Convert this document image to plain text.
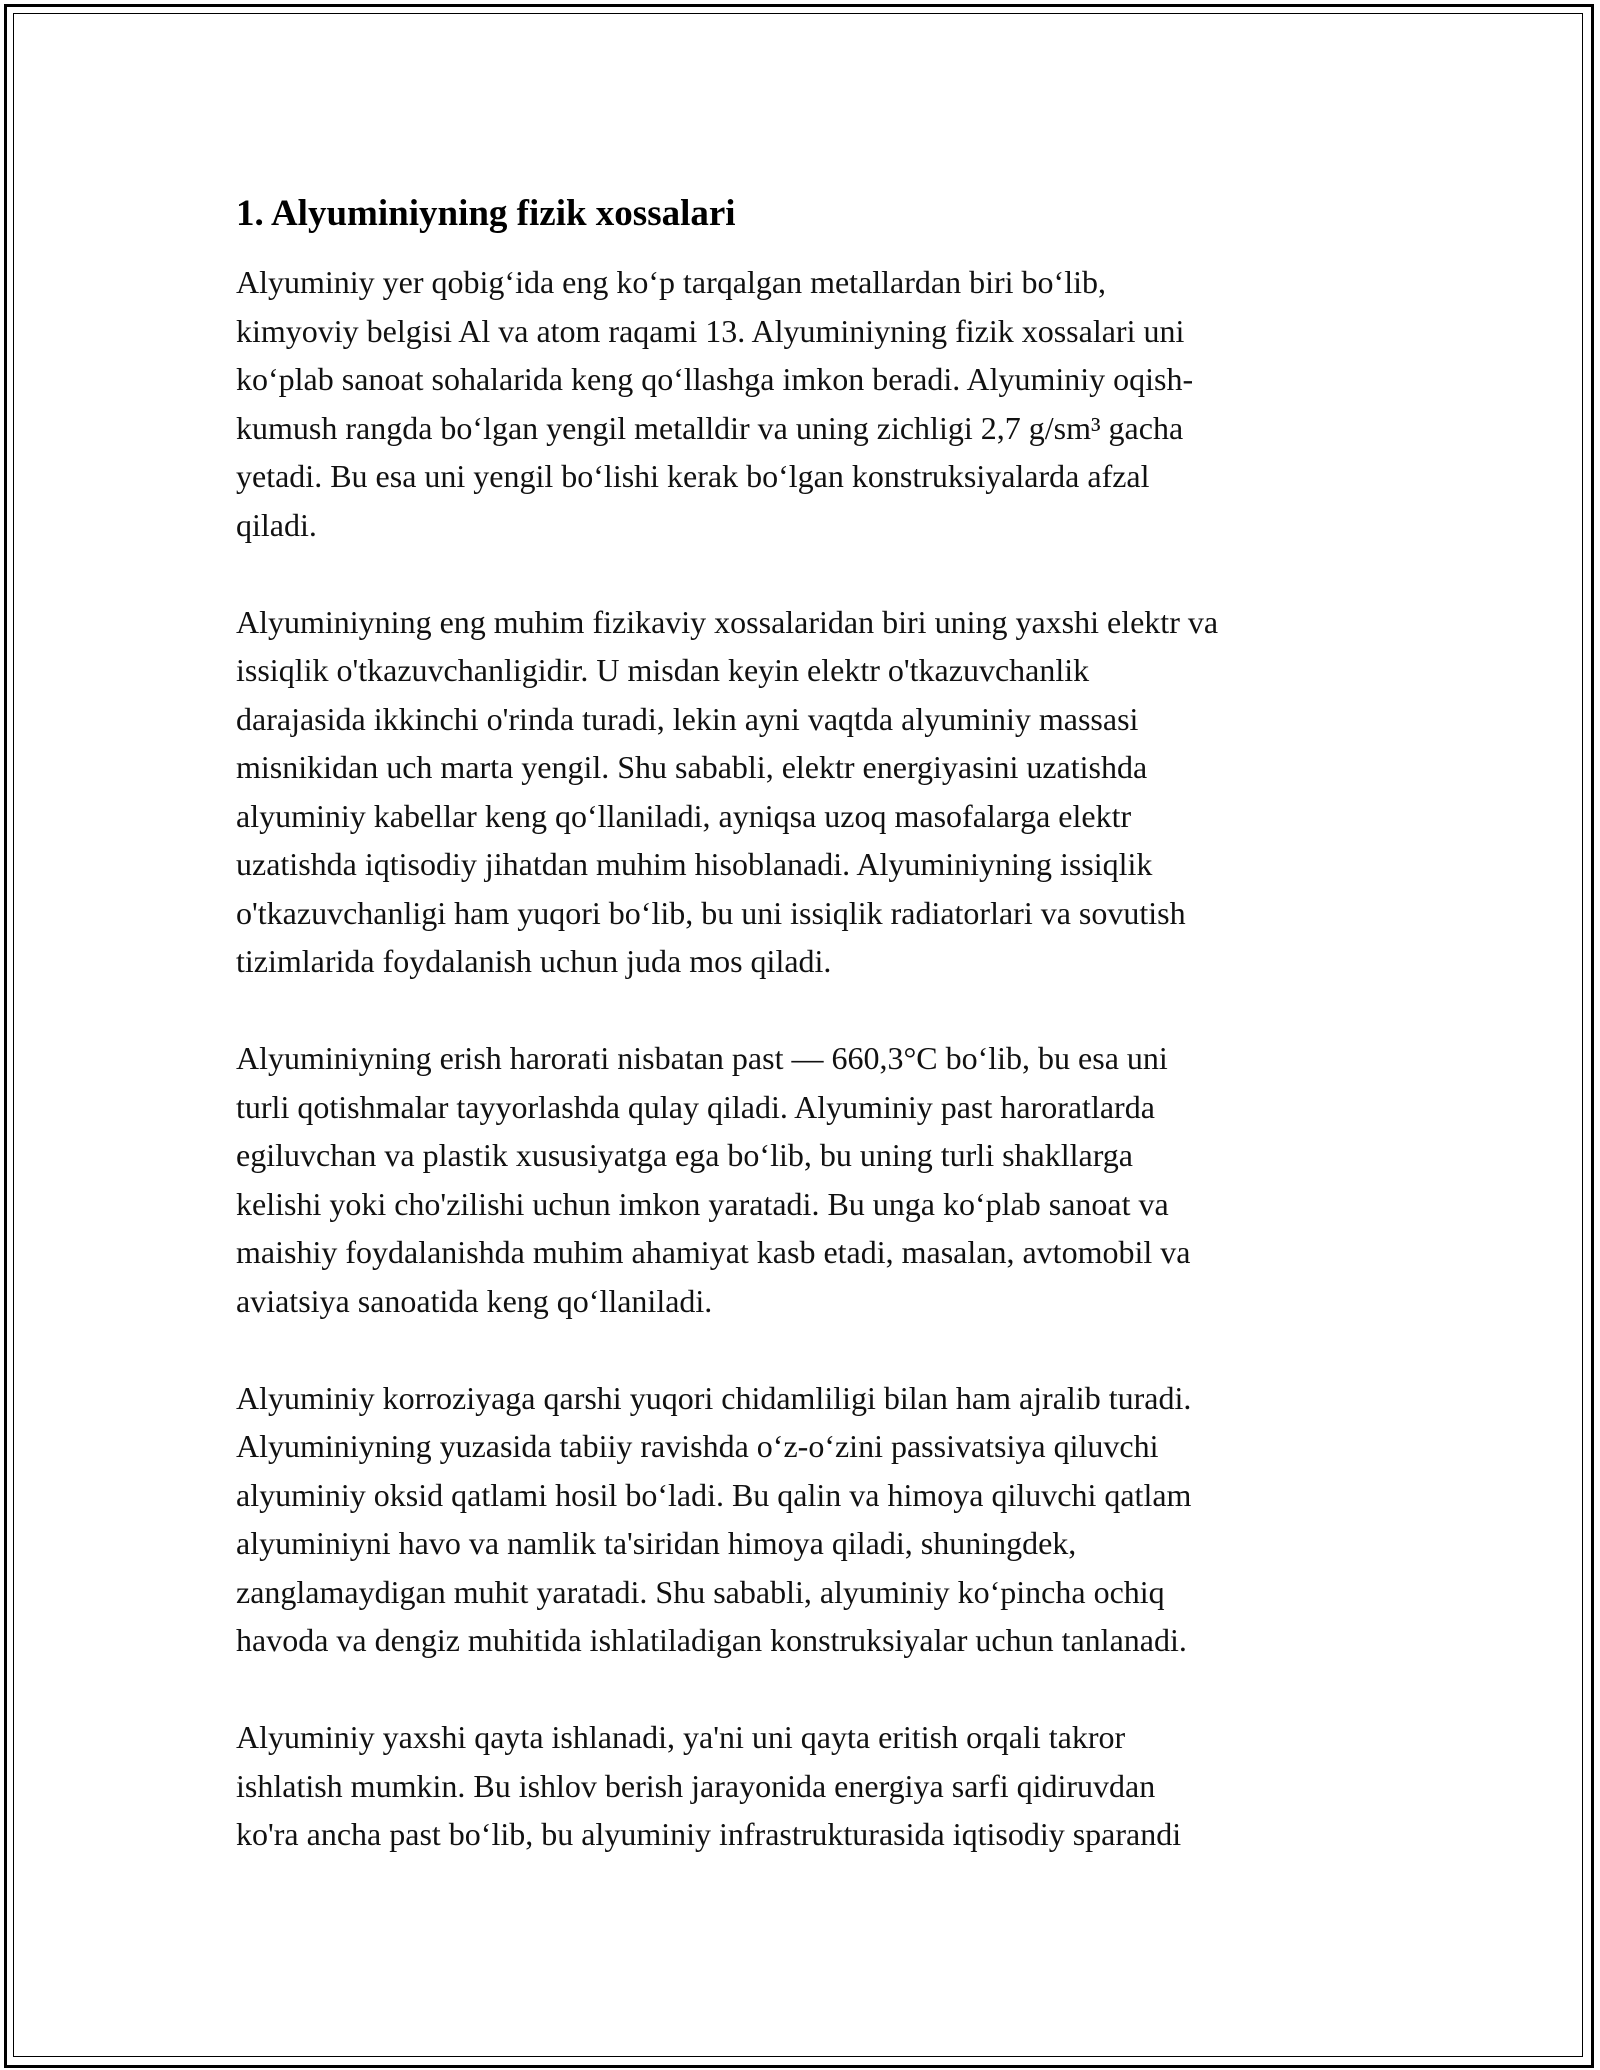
1. Alyuminiyning fizik xossalari
Alyuminiy yer qobig‘ida eng ko‘p tarqalgan metallardan biri bo‘lib,
kimyoviy belgisi Al va atom raqami 13. Alyuminiyning fizik xossalari uni
ko‘plab sanoat sohalarida keng qo‘llashga imkon beradi. Alyuminiy oqish-
kumush rangda bo‘lgan yengil metalldir va uning zichligi 2,7 g/sm³ gacha
yetadi. Bu esa uni yengil bo‘lishi kerak bo‘lgan konstruksiyalarda afzal
qiladi.
Alyuminiyning eng muhim fizikaviy xossalaridan biri uning yaxshi elektr va
issiqlik o'tkazuvchanligidir. U misdan keyin elektr o'tkazuvchanlik
darajasida ikkinchi o'rinda turadi, lekin ayni vaqtda alyuminiy massasi
misnikidan uch marta yengil. Shu sababli, elektr energiyasini uzatishda
alyuminiy kabellar keng qo‘llaniladi, ayniqsa uzoq masofalarga elektr
uzatishda iqtisodiy jihatdan muhim hisoblanadi. Alyuminiyning issiqlik
o'tkazuvchanligi ham yuqori bo‘lib, bu uni issiqlik radiatorlari va sovutish
tizimlarida foydalanish uchun juda mos qiladi.
Alyuminiyning erish harorati nisbatan past — 660,3°C bo‘lib, bu esa uni
turli qotishmalar tayyorlashda qulay qiladi. Alyuminiy past haroratlarda
egiluvchan va plastik xususiyatga ega bo‘lib, bu uning turli shakllarga
kelishi yoki cho'zilishi uchun imkon yaratadi. Bu unga ko‘plab sanoat va
maishiy foydalanishda muhim ahamiyat kasb etadi, masalan, avtomobil va
aviatsiya sanoatida keng qo‘llaniladi.
Alyuminiy korroziyaga qarshi yuqori chidamliligi bilan ham ajralib turadi.
Alyuminiyning yuzasida tabiiy ravishda o‘z-o‘zini passivatsiya qiluvchi
alyuminiy oksid qatlami hosil bo‘ladi. Bu qalin va himoya qiluvchi qatlam
alyuminiyni havo va namlik ta'siridan himoya qiladi, shuningdek,
zanglamaydigan muhit yaratadi. Shu sababli, alyuminiy ko‘pincha ochiq
havoda va dengiz muhitida ishlatiladigan konstruksiyalar uchun tanlanadi.
Alyuminiy yaxshi qayta ishlanadi, ya'ni uni qayta eritish orqali takror
ishlatish mumkin. Bu ishlov berish jarayonida energiya sarfi qidiruvdan
ko'ra ancha past bo‘lib, bu alyuminiy infrastrukturasida iqtisodiy sparandi
